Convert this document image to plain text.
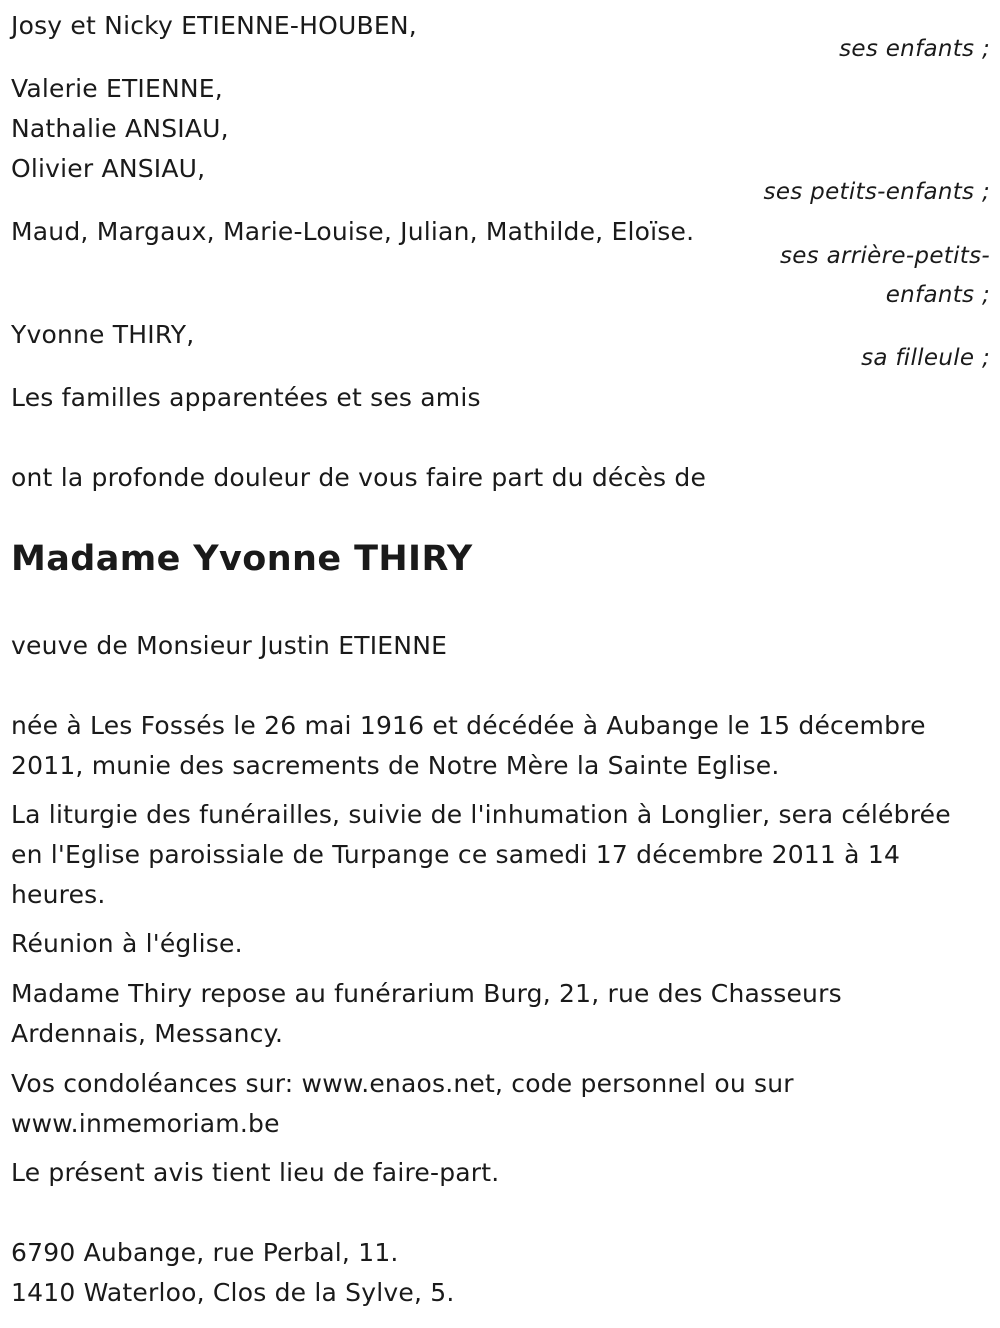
Josy et Nicky ETIENNE-HOUBEN,
ses enfants ;
Valerie ETIENNE,
Nathalie ANSIAU,
Olivier ANSIAU,
ses petits-enfants ;
Maud, Margaux, Marie-Louise, Julian, Mathilde, Eloïse.
ses arrière-petits-
enfants ;
Yvonne THIRY,
sa filleule ;
Les familles apparentées et ses amis
ont la profonde douleur de vous faire part du décès de
Madame Yvonne THIRY
veuve de Monsieur Justin ETIENNE
née à Les Fossés le 26 mai 1916 et décédée à Aubange le 15 décembre
2011, munie des sacrements de Notre Mère la Sainte Eglise.
La liturgie des funérailles, suivie de l'inhumation à Longlier, sera célébrée
en l'Eglise paroissiale de Turpange ce samedi 17 décembre 2011 à 14
heures.
Réunion à l'église.
Madame Thiry repose au funérarium Burg, 21, rue des Chasseurs
Ardennais, Messancy.
Vos condoléances sur: www.enaos.net, code personnel ou sur
www.inmemoriam.be
Le présent avis tient lieu de faire-part.
6790 Aubange, rue Perbal, 11.
1410 Waterloo, Clos de la Sylve, 5.
